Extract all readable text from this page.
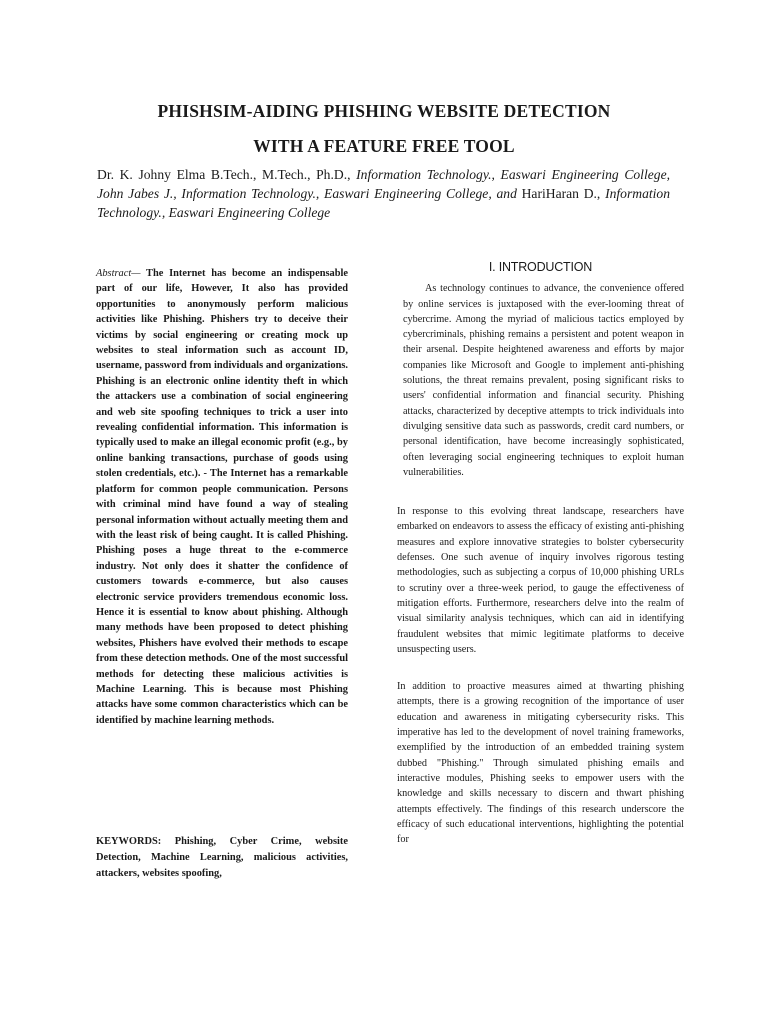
PHISHSIM-AIDING PHISHING WEBSITE DETECTION
WITH A FEATURE FREE TOOL
Dr. K. Johny Elma B.Tech., M.Tech., Ph.D., Information Technology., Easwari Engineering College, John Jabes J., Information Technology., Easwari Engineering College, and HariHaran D., Information Technology., Easwari Engineering College
Abstract— The Internet has become an indispensable part of our life, However, It also has provided opportunities to anonymously perform malicious activities like Phishing. Phishers try to deceive their victims by social engineering or creating mock up websites to steal information such as account ID, username, password from individuals and organizations. Phishing is an electronic online identity theft in which the attackers use a combination of social engineering and web site spoofing techniques to trick a user into revealing confidential information. This information is typically used to make an illegal economic profit (e.g., by online banking transactions, purchase of goods using stolen credentials, etc.). - The Internet has a remarkable platform for common people communication. Persons with criminal mind have found a way of stealing personal information without actually meeting them and with the least risk of being caught. It is called Phishing. Phishing poses a huge threat to the e-commerce industry. Not only does it shatter the confidence of customers towards e-commerce, but also causes electronic service providers tremendous economic loss. Hence it is essential to know about phishing. Although many methods have been proposed to detect phishing websites, Phishers have evolved their methods to escape from these detection methods. One of the most successful methods for detecting these malicious activities is Machine Learning. This is because most Phishing attacks have some common characteristics which can be identified by machine learning methods.
KEYWORDS: Phishing, Cyber Crime, website Detection, Machine Learning, malicious activities, attackers, websites spoofing,
I. INTRODUCTION

As technology continues to advance, the convenience offered by online services is juxtaposed with the ever-looming threat of cybercrime. Among the myriad of malicious tactics employed by cybercriminals, phishing remains a persistent and potent weapon in their arsenal. Despite heightened awareness and efforts by major companies like Microsoft and Google to implement anti-phishing solutions, the threat remains prevalent, posing significant risks to users' confidential information and financial security. Phishing attacks, characterized by deceptive attempts to trick individuals into divulging sensitive data such as passwords, credit card numbers, or personal identification, have become increasingly sophisticated, often leveraging social engineering techniques to exploit human vulnerabilities.

In response to this evolving threat landscape, researchers have embarked on endeavors to assess the efficacy of existing anti-phishing measures and explore innovative strategies to bolster cybersecurity defenses. One such avenue of inquiry involves rigorous testing methodologies, such as subjecting a corpus of 10,000 phishing URLs to scrutiny over a three-week period, to gauge the effectiveness of mitigation efforts. Furthermore, researchers delve into the realm of visual similarity analysis techniques, which can aid in identifying fraudulent websites that mimic legitimate platforms to deceive unsuspecting users.

In addition to proactive measures aimed at thwarting phishing attempts, there is a growing recognition of the importance of user education and awareness in mitigating cybersecurity risks. This imperative has led to the development of novel training frameworks, exemplified by the introduction of an embedded training system dubbed "Phishing." Through simulated phishing emails and interactive modules, Phishing seeks to empower users with the knowledge and skills necessary to discern and thwart phishing attempts effectively. The findings of this research underscore the efficacy of such educational interventions, highlighting the potential for
